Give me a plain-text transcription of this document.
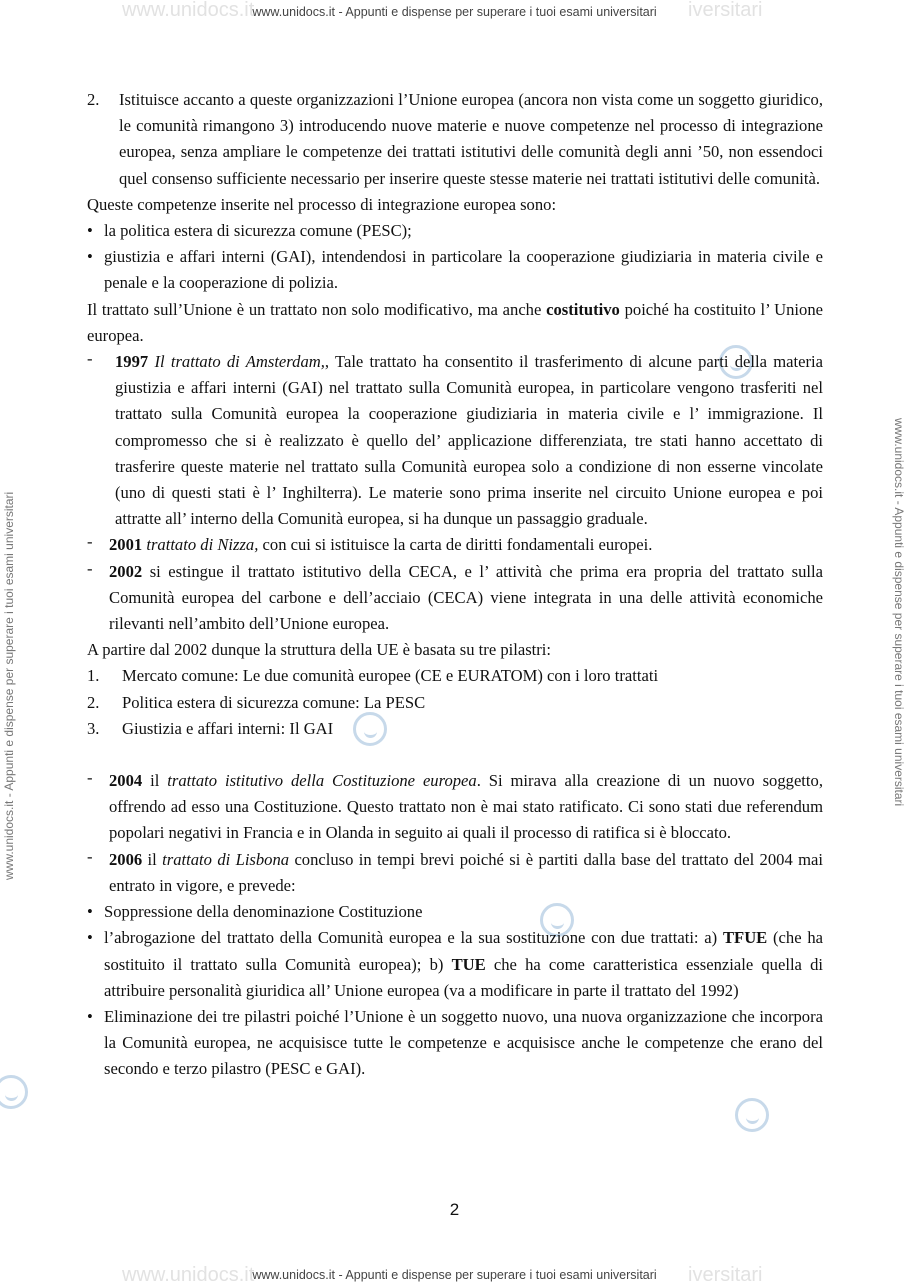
www.unidocs.it	iversitari
www.unidocs.it - Appunti e dispense per superare i tuoi esami universitari
www.unidocs.it - Appunti e dispense per superare i tuoi esami universitari	www.unidocs.it - Appunti e dispense per superare i tuoi esami universitari

2. Istituisce accanto a queste organizzazioni l’Unione europea (ancora non vista come un soggetto giuridico, le comunità rimangono 3) introducendo nuove materie e nuove competenze nel processo di integrazione europea, senza ampliare le competenze dei trattati istitutivi delle comunità degli anni ’50, non essendoci quel consenso sufficiente necessario per inserire queste stesse materie nei trattati istitutivi delle comunità.

Queste competenze inserite nel processo di integrazione europea sono:

• la politica estera di sicurezza comune (PESC);

• giustizia e affari interni (GAI), intendendosi in particolare la cooperazione giudiziaria in materia civile e penale e la cooperazione di polizia.

Il trattato sull’Unione è un trattato non solo modificativo, ma anche costitutivo poiché ha costituito l’ Unione europea.

- 1997 Il trattato di Amsterdam,, Tale trattato ha consentito il trasferimento di alcune parti della materia giustizia e affari interni (GAI) nel trattato sulla Comunità europea, in particolare vengono trasferiti nel trattato sulla Comunità europea la cooperazione giudiziaria in materia civile e l’ immigrazione. Il compromesso che si è realizzato è quello del’ applicazione differenziata, tre stati hanno accettato di trasferire queste materie nel trattato sulla Comunità europea solo a condizione di non esserne vincolate (uno di questi stati è l’ Inghilterra). Le materie sono prima inserite nel circuito Unione europea e poi attratte all’ interno della Comunità europea, si ha dunque un passaggio graduale.

- 2001 trattato di Nizza, con cui si istituisce la carta de diritti fondamentali europei.

- 2002 si estingue il trattato istitutivo della CECA, e l’ attività che prima era propria del trattato sulla Comunità europea del carbone e dell’acciaio (CECA) viene integrata in una delle attività economiche rilevanti nell’ambito dell’Unione europea.

A partire dal 2002 dunque la struttura della UE è basata su tre pilastri:

1. Mercato comune: Le due comunità europee (CE e EURATOM) con i loro trattati

2. Politica estera di sicurezza comune: La PESC

3. Giustizia e affari interni: Il GAI

- 2004 il trattato istitutivo della Costituzione europea. Si mirava alla creazione di un nuovo soggetto, offrendo ad esso una Costituzione. Questo trattato non è mai stato ratificato. Ci sono stati due referendum popolari negativi in Francia e in Olanda in seguito ai quali il processo di ratifica si è bloccato.

- 2006 il trattato di Lisbona concluso in tempi brevi poiché si è partiti dalla base del trattato del 2004 mai entrato in vigore, e prevede:

• Soppressione della denominazione Costituzione

• l’abrogazione del trattato della Comunità europea e la sua sostituzione con due trattati: a) TFUE (che ha sostituito il trattato sulla Comunità europea); b) TUE che ha come caratteristica essenziale quella di attribuire personalità giuridica all’ Unione europea (va a modificare in parte il trattato del 1992)

• Eliminazione dei tre pilastri poiché l’Unione è un soggetto nuovo, una nuova organizzazione che incorpora la Comunità europea, ne acquisisce tutte le competenze e acquisisce anche le competenze che erano del secondo e terzo pilastro (PESC e GAI).

2
www.unidocs.it	iversitari
www.unidocs.it - Appunti e dispense per superare i tuoi esami universitari
